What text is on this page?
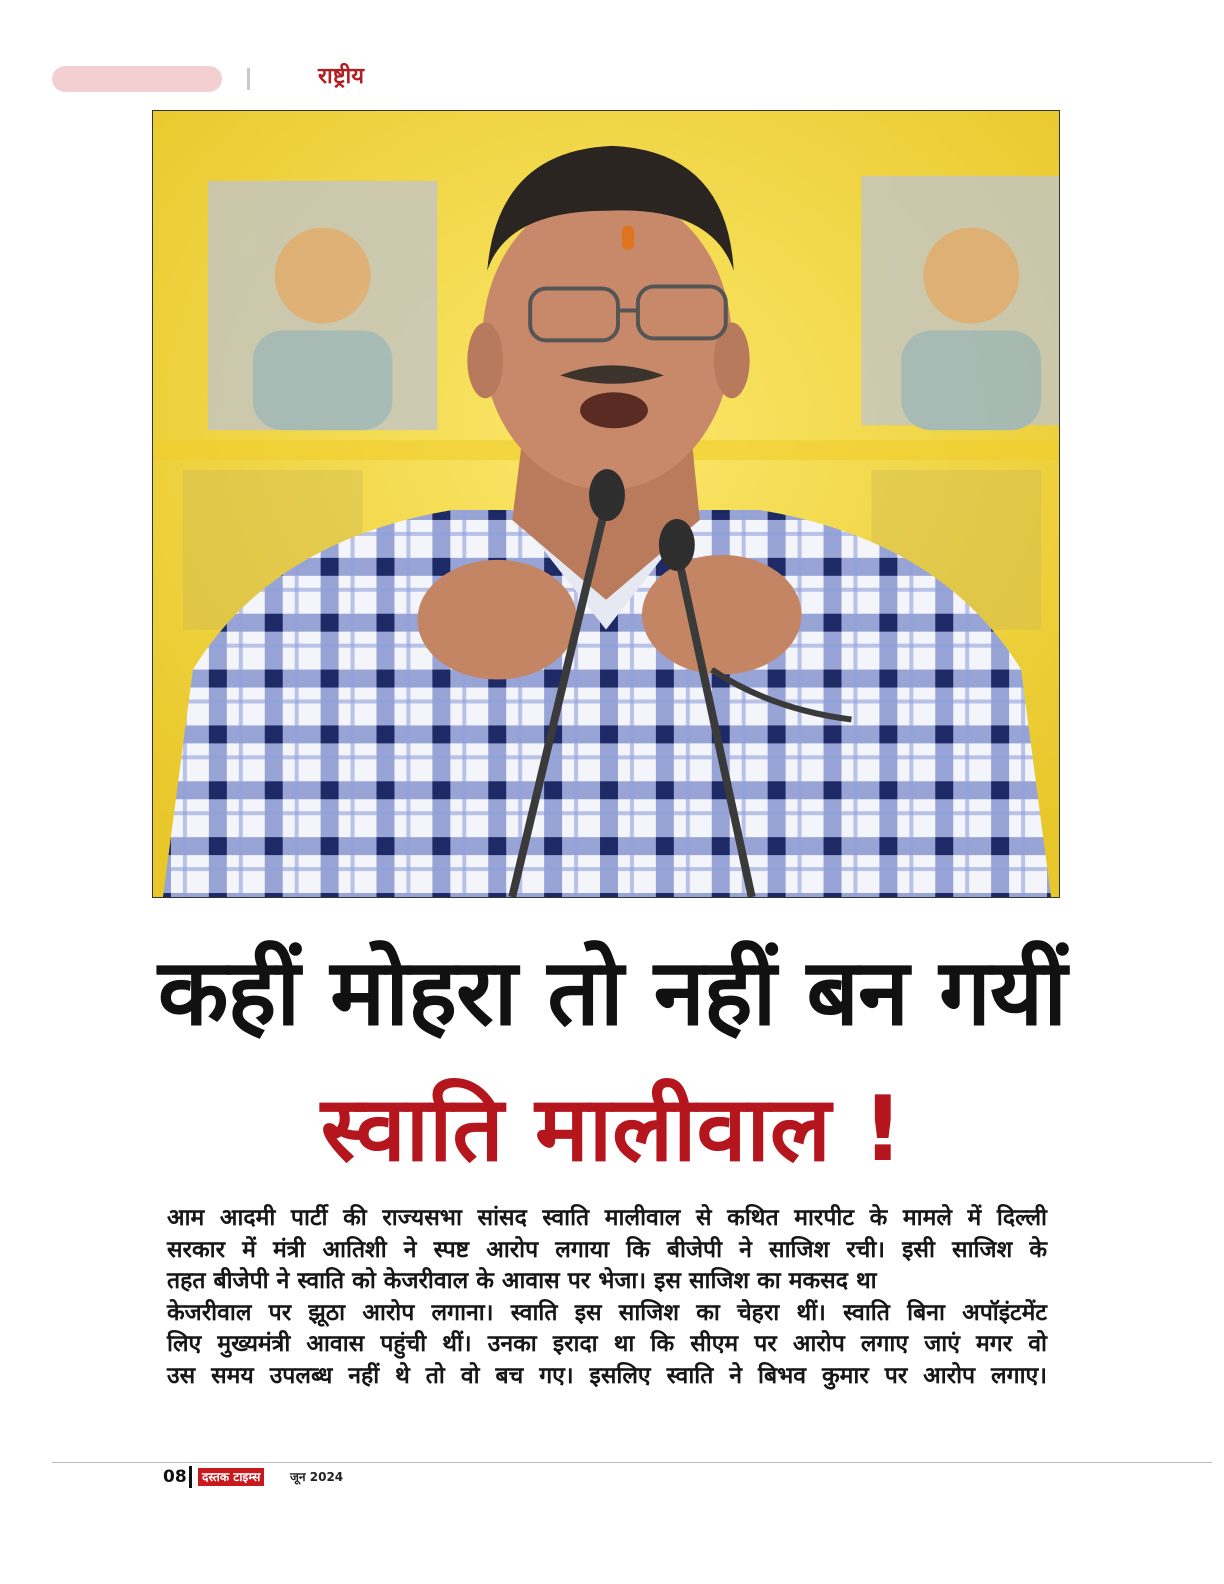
राष्ट्रीय
कहीं मोहरा तो नहीं बन गयीं
स्वाति मालीवाल !
आम आदमी पार्टी की राज्यसभा सांसद स्वाति मालीवाल से कथित मारपीट के मामले में दिल्ली
सरकार में मंत्री आतिशी ने स्पष्ट आरोप लगाया कि बीजेपी ने साजिश रची। इसी साजिश के
तहत बीजेपी ने स्वाति को केजरीवाल के आवास पर भेजा। इस साजिश का मकसद था
केजरीवाल पर झूठा आरोप लगाना। स्वाति इस साजिश का चेहरा थीं। स्वाति बिना अपॉइंटमेंट
लिए मुख्यमंत्री आवास पहुंची थीं। उनका इरादा था कि सीएम पर आरोप लगाए जाएं मगर वो
उस समय उपलब्ध नहीं थे तो वो बच गए। इसलिए स्वाति ने बिभव कुमार पर आरोप लगाए।
08	दस्तक टाइम्स	जून 2024
